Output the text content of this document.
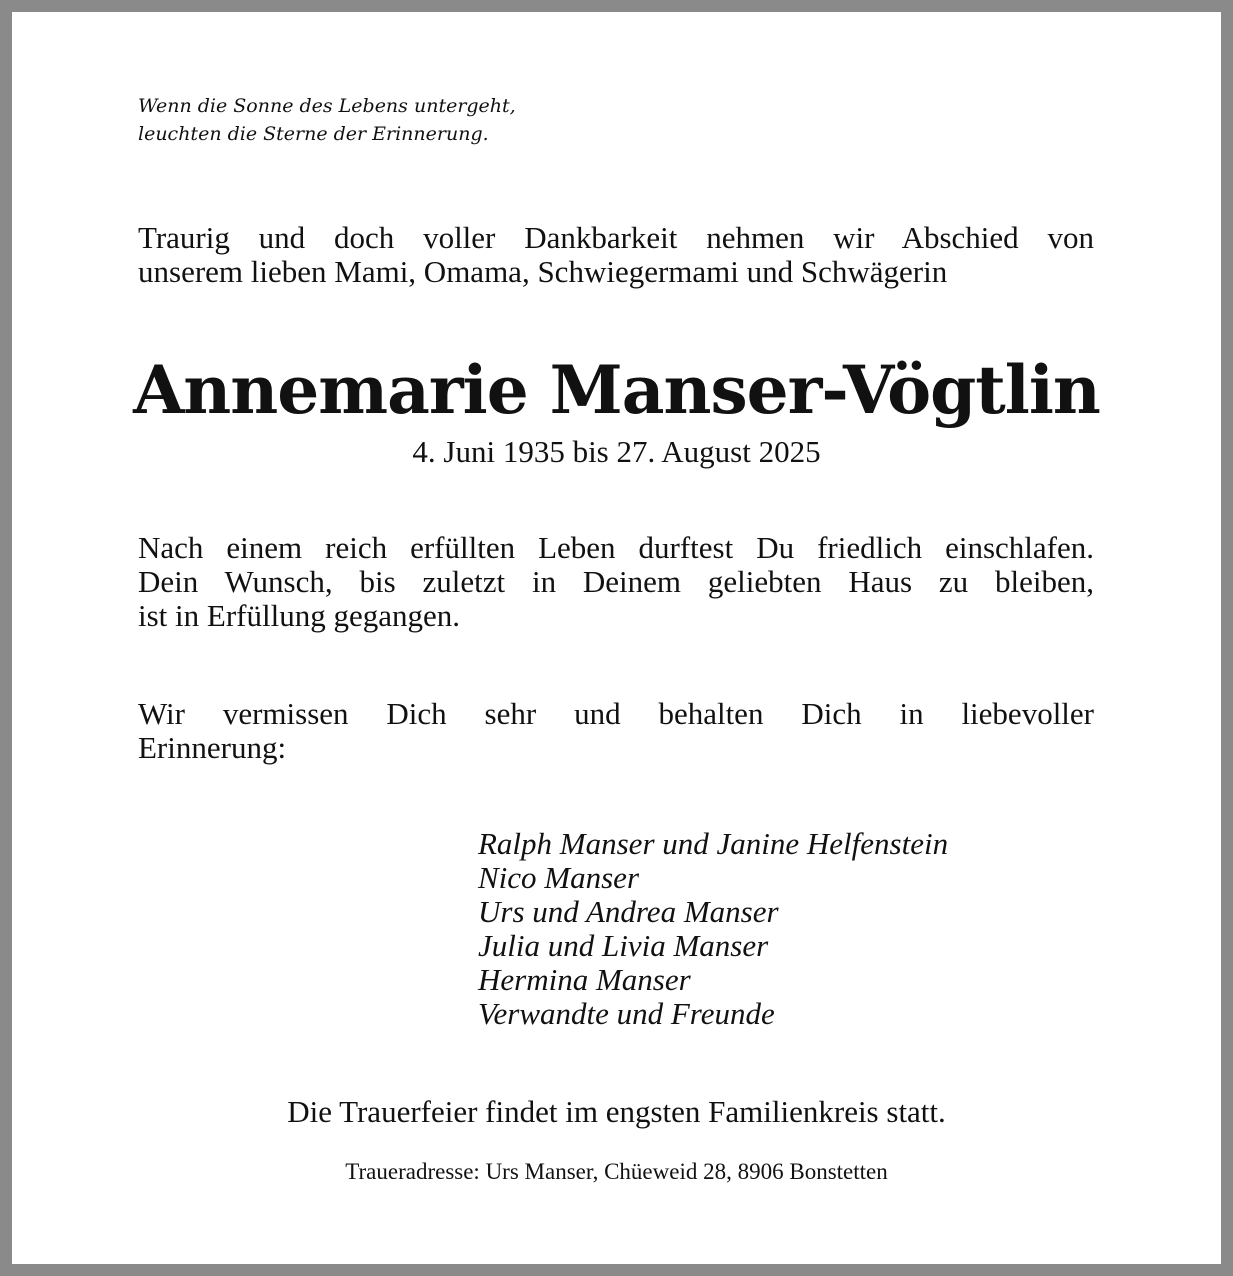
Wenn die Sonne des Lebens untergeht,
leuchten die Sterne der Erinnerung.
Traurig und doch voller Dankbarkeit nehmen wir Abschied von
unserem lieben Mami, Omama, Schwiegermami und Schwägerin
Annemarie Manser-Vögtlin
4. Juni 1935 bis 27. August 2025
Nach einem reich erfüllten Leben durftest Du friedlich einschlafen.
Dein Wunsch, bis zuletzt in Deinem geliebten Haus zu bleiben,
ist in Erfüllung gegangen.
Wir vermissen Dich sehr und behalten Dich in liebevoller
Erinnerung:
Ralph Manser und Janine Helfenstein
Nico Manser
Urs und Andrea Manser
Julia und Livia Manser
Hermina Manser
Verwandte und Freunde
Die Trauerfeier findet im engsten Familienkreis statt.
Traueradresse: Urs Manser, Chüeweid 28, 8906 Bonstetten
